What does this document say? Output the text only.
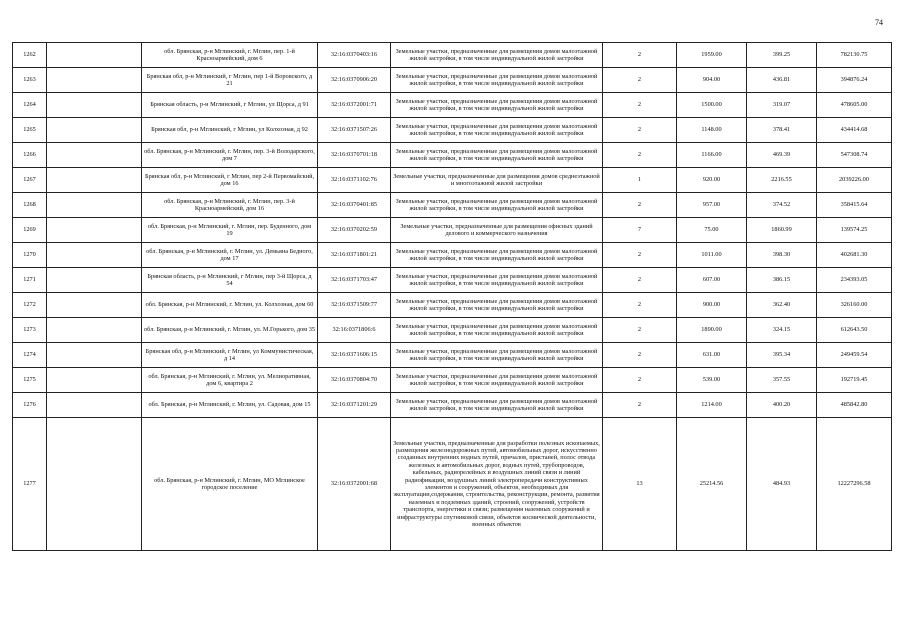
74
1262		обл. Брянская, р-н Мглинский, г. Мглин, пер. 1-й Красноармейский, дом 6	32:16:0370403:16	Земельные участки, предназначенные для размещения домов малоэтажной жилой застройки, в том числе индивидуальной жилой застройки	2	1959.00	399.25	782130.75
1263		Брянская обл, р-н Мглинский, г Мглин, пер 1-й Воровского, д 21	32:16:0370906:20	Земельные участки, предназначенные для размещения домов малоэтажной жилой застройки, в том числе индивидуальной жилой застройки	2	904.00	436.81	394876.24
1264		Брянская область, р-н Мглинский, г Мглин, ул Щорса, д 91	32:16:0372001:71	Земельные участки, предназначенные для размещения домов малоэтажной жилой застройки, в том числе индивидуальной жилой застройки	2	1500.00	319.07	478605.00
1265		Брянская обл, р-н Мглинский, г Мглин, ул Колхозная, д 92	32:16:0371507:26	Земельные участки, предназначенные для размещения домов малоэтажной жилой застройки, в том числе индивидуальной жилой застройки	2	1148.00	378.41	434414.68
1266		обл. Брянская, р-н Мглинский, г. Мглин, пер. 3-й Володарского, дом 7	32:16:0370701:18	Земельные участки, предназначенные для размещения домов малоэтажной жилой застройки, в том числе индивидуальной жилой застройки	2	1166.00	469.39	547308.74
1267		Брянская обл, р-н Мглинский, г Мглин, пер 2-й Первомайский, дом 16	32:16:0371102:76	Земельные участки, предназначенные для размещения домов среднеэтажной и многоэтажной жилой застройки	1	920.00	2216.55	2039226.00
1268		обл. Брянская, р-н Мглинский, г. Мглин, пер. 3-й Красноармейский, дом 16	32:16:0370401:85	Земельные участки, предназначенные для размещения домов малоэтажной жилой застройки, в том числе индивидуальной жилой застройки	2	957.00	374.52	358415.64
1269		обл. Брянская, р-н Мглинский, г. Мглин, пер. Буденного, дом 19	32:16:0370202:59	Земельные участки, предназначенные для размещения офисных зданий делового и коммерческого назначения	7	75.00	1860.99	139574.25
1270		обл. Брянская, р-н Мглинский, г. Мглин, ул. Демьяна Бедного, дом 17	32:16:0371801:21	Земельные участки, предназначенные для размещения домов малоэтажной жилой застройки, в том числе индивидуальной жилой застройки	2	1011.00	398.30	402681.30
1271		Брянская область, р-н Мглинский, г Мглин, пер 3-й Щорса, д 54	32:16:0371703:47	Земельные участки, предназначенные для размещения домов малоэтажной жилой застройки, в том числе индивидуальной жилой застройки	2	607.00	386.15	234393.05
1272		обл. Брянская, р-н Мглинский, г. Мглин, ул. Колхозная, дом 60	32:16:0371509:77	Земельные участки, предназначенные для размещения домов малоэтажной жилой застройки, в том числе индивидуальной жилой застройки	2	900.00	362.40	326160.00
1273		обл. Брянская, р-н Мглинский, г. Мглин, ул. М.Горького, дом 35	32:16:0371806:6	Земельные участки, предназначенные для размещения домов малоэтажной жилой застройки, в том числе индивидуальной жилой застройки	2	1890.00	324.15	612643.50
1274		Брянская обл, р-н Мглинский, г Мглин, ул Коммунистическая, д 14	32:16:0371606:15	Земельные участки, предназначенные для размещения домов малоэтажной жилой застройки, в том числе индивидуальной жилой застройки	2	631.00	395.34	249459.54
1275		обл. Брянская, р-н Мглинский, г. Мглин, ул. Мелиоративная, дом 6, квартира 2	32:16:0370804:70	Земельные участки, предназначенные для размещения домов малоэтажной жилой застройки, в том числе индивидуальной жилой застройки	2	539.00	357.55	192719.45
1276		обл. Брянская, р-н Мглинский, г. Мглин, ул. Садовая, дом 15	32:16:0371201:29	Земельные участки, предназначенные для размещения домов малоэтажной жилой застройки, в том числе индивидуальной жилой застройки	2	1214.00	400.20	485842.80
1277		обл. Брянская, р-н Мглинский, г. Мглин, МО Мглинское городское поселение	32:16:0372001:68	Земельные участки, предназначенные для разработки полезных ископаемых, размещения железнодорожных путей, автомобильных дорог, искусственно созданных внутренних водных путей, причалов, пристаней, полос отвода железных и автомобильных дорог, водных путей, трубопроводов, кабельных, радиорелейных и воздушных линий связи и линий радиофикации, воздушных линий электропередачи конструктивных элементов и сооружений, объектов, необходимых для эксплуатации,содержания, строительства, реконструкции, ремонта, развития наземных и подземных зданий, строений, сооружений, устройств транспорта, энергетики и связи; размещения наземных сооружений и инфраструктуры спутниковой связи, объектов космической деятельности, военных объектов	13	25214.56	484.93	12227296.58
